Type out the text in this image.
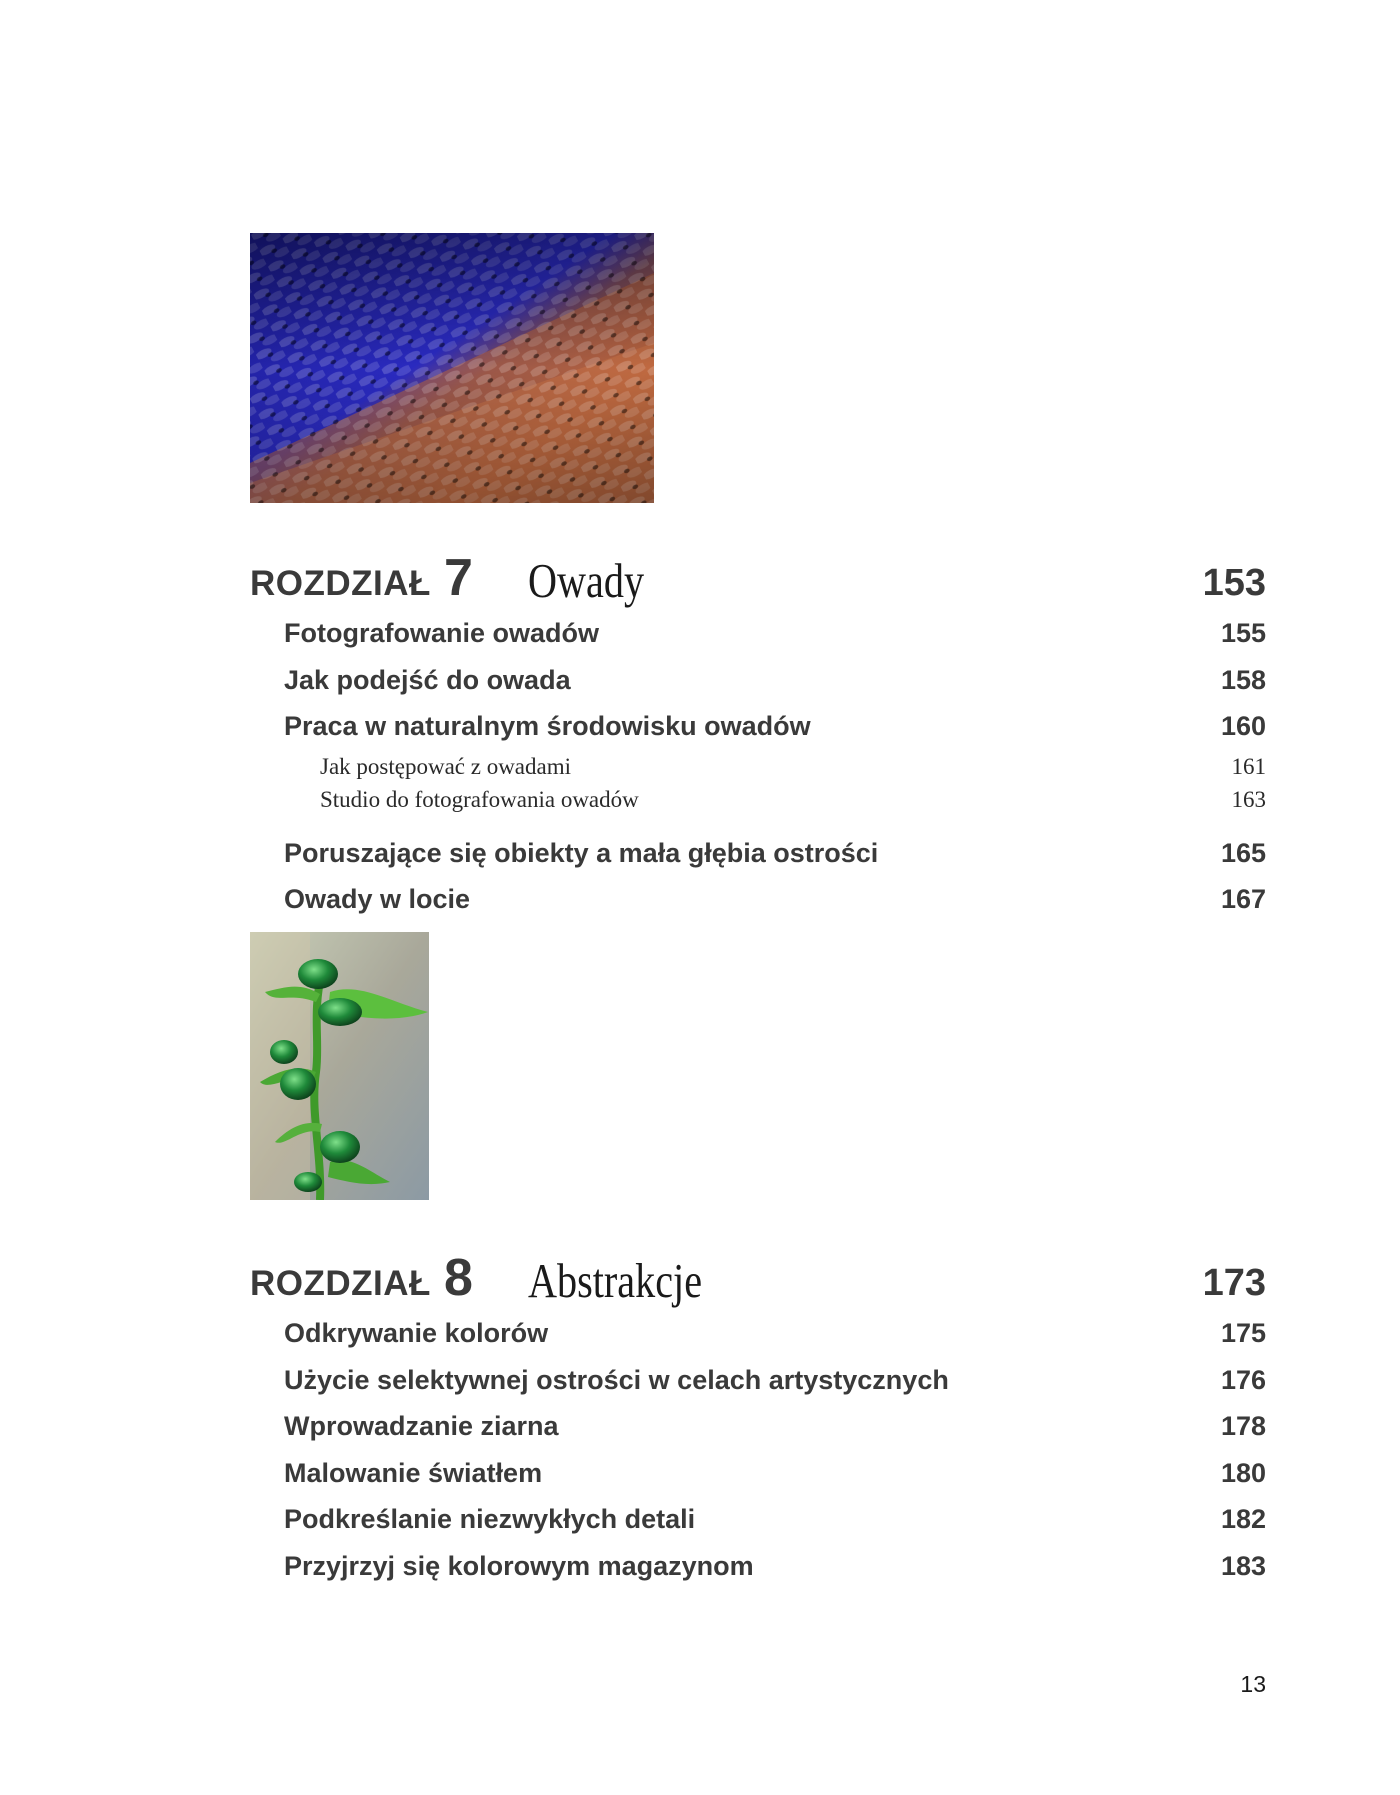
ROZDZIAŁ 7 Owady	153
Fotografowanie owadów	155
Jak podejść do owada	158
Praca w naturalnym środowisku owadów	160
Jak postępować z owadami	161
Studio do fotografowania owadów	163
Poruszające się obiekty a mała głębia ostrości	165
Owady w locie	167
ROZDZIAŁ 8 Abstrakcje	173
Odkrywanie kolorów	175
Użycie selektywnej ostrości w celach artystycznych	176
Wprowadzanie ziarna	178
Malowanie światłem	180
Podkreślanie niezwykłych detali	182
Przyjrzyj się kolorowym magazynom	183
13
